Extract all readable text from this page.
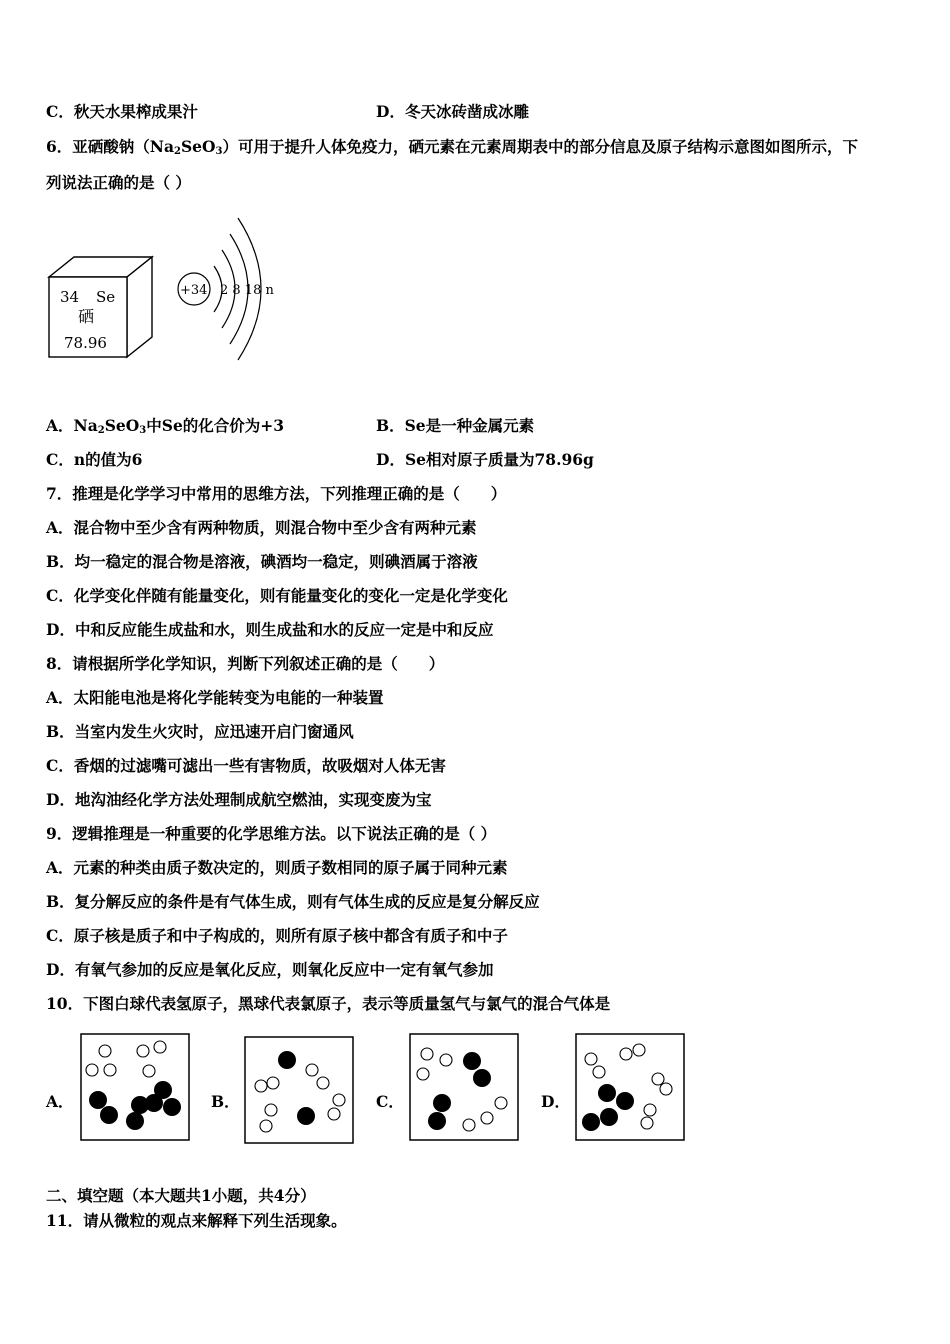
C．秋天水果榨成果汁	D．冬天冰砖凿成冰雕
6．亚硒酸钠$(Na_2SeO_3)$可用于提升人体免疫力，硒元素在元素周期表中的部分信息及原子结构示意图如图所示，下
列说法正确的是（ ）
34 Se
硒
78.96
+34 2 8 18 n
A．$Na_2SeO_3$中Se的化合价为+3	B．Se是一种金属元素
C．n的值为6	D．Se相对原子质量为78.96g
7．推理是化学学习中常用的思维方法，下列推理正确的是（　　）
A．混合物中至少含有两种物质，则混合物中至少含有两种元素
B．均一稳定的混合物是溶液，碘酒均一稳定，则碘酒属于溶液
C．化学变化伴随有能量变化，则有能量变化的变化一定是化学变化
D．中和反应能生成盐和水，则生成盐和水的反应一定是中和反应
8．请根据所学化学知识，判断下列叙述正确的是（　　）
A．太阳能电池是将化学能转变为电能的一种装置
B．当室内发生火灾时，应迅速开启门窗通风
C．香烟的过滤嘴可滤出一些有害物质，故吸烟对人体无害
D．地沟油经化学方法处理制成航空燃油，实现变废为宝
9．逻辑推理是一种重要的化学思维方法。以下说法正确的是（ ）
A．元素的种类由质子数决定的，则质子数相同的原子属于同种元素
B．复分解反应的条件是有气体生成，则有气体生成的反应是复分解反应
C．原子核是质子和中子构成的，则所有原子核中都含有质子和中子
D．有氧气参加的反应是氧化反应，则氧化反应中一定有氧气参加
10．下图白球代表氢原子，黑球代表氯原子，表示等质量氢气与氯气的混合气体是
A．	B．	C．	D．
二、填空题（本大题共1小题，共4分）
11．请从微粒的观点来解释下列生活现象。
